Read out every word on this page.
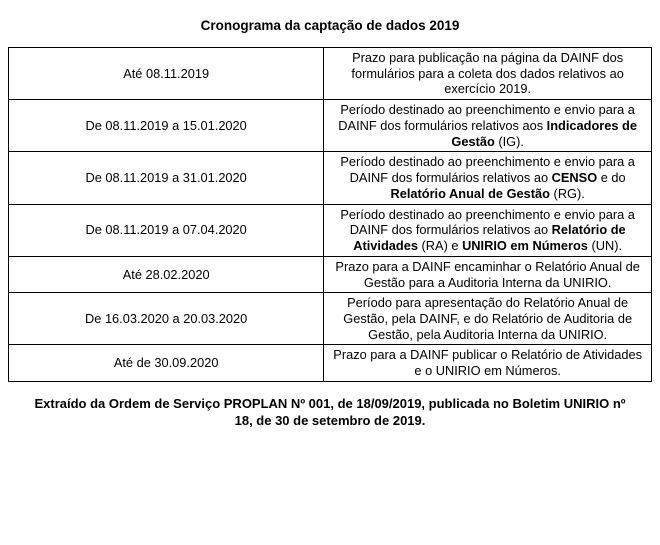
Cronograma da captação de dados 2019
Até 08.11.2019	Prazo para publicação na página da DAINF dos formulários para a coleta dos dados relativos ao exercício 2019.
De 08.11.2019 a 15.01.2020	Período destinado ao preenchimento e envio para a DAINF dos formulários relativos aos Indicadores de Gestão (IG).
De 08.11.2019 a 31.01.2020	Período destinado ao preenchimento e envio para a DAINF dos formulários relativos ao CENSO e do Relatório Anual de Gestão (RG).
De 08.11.2019 a 07.04.2020	Período destinado ao preenchimento e envio para a DAINF dos formulários relativos ao Relatório de Atividades (RA) e UNIRIO em Números (UN).
Até 28.02.2020	Prazo para a DAINF encaminhar o Relatório Anual de Gestão para a Auditoria Interna da UNIRIO.
De 16.03.2020 a 20.03.2020	Período para apresentação do Relatório Anual de Gestão, pela DAINF, e do Relatório de Auditoria de Gestão, pela Auditoria Interna da UNIRIO.
Até de 30.09.2020	Prazo para a DAINF publicar o Relatório de Atividades e o UNIRIO em Números.
Extraído da Ordem de Serviço PROPLAN Nº 001, de 18/09/2019, publicada no Boletim UNIRIO nº 18, de 30 de setembro de 2019.
